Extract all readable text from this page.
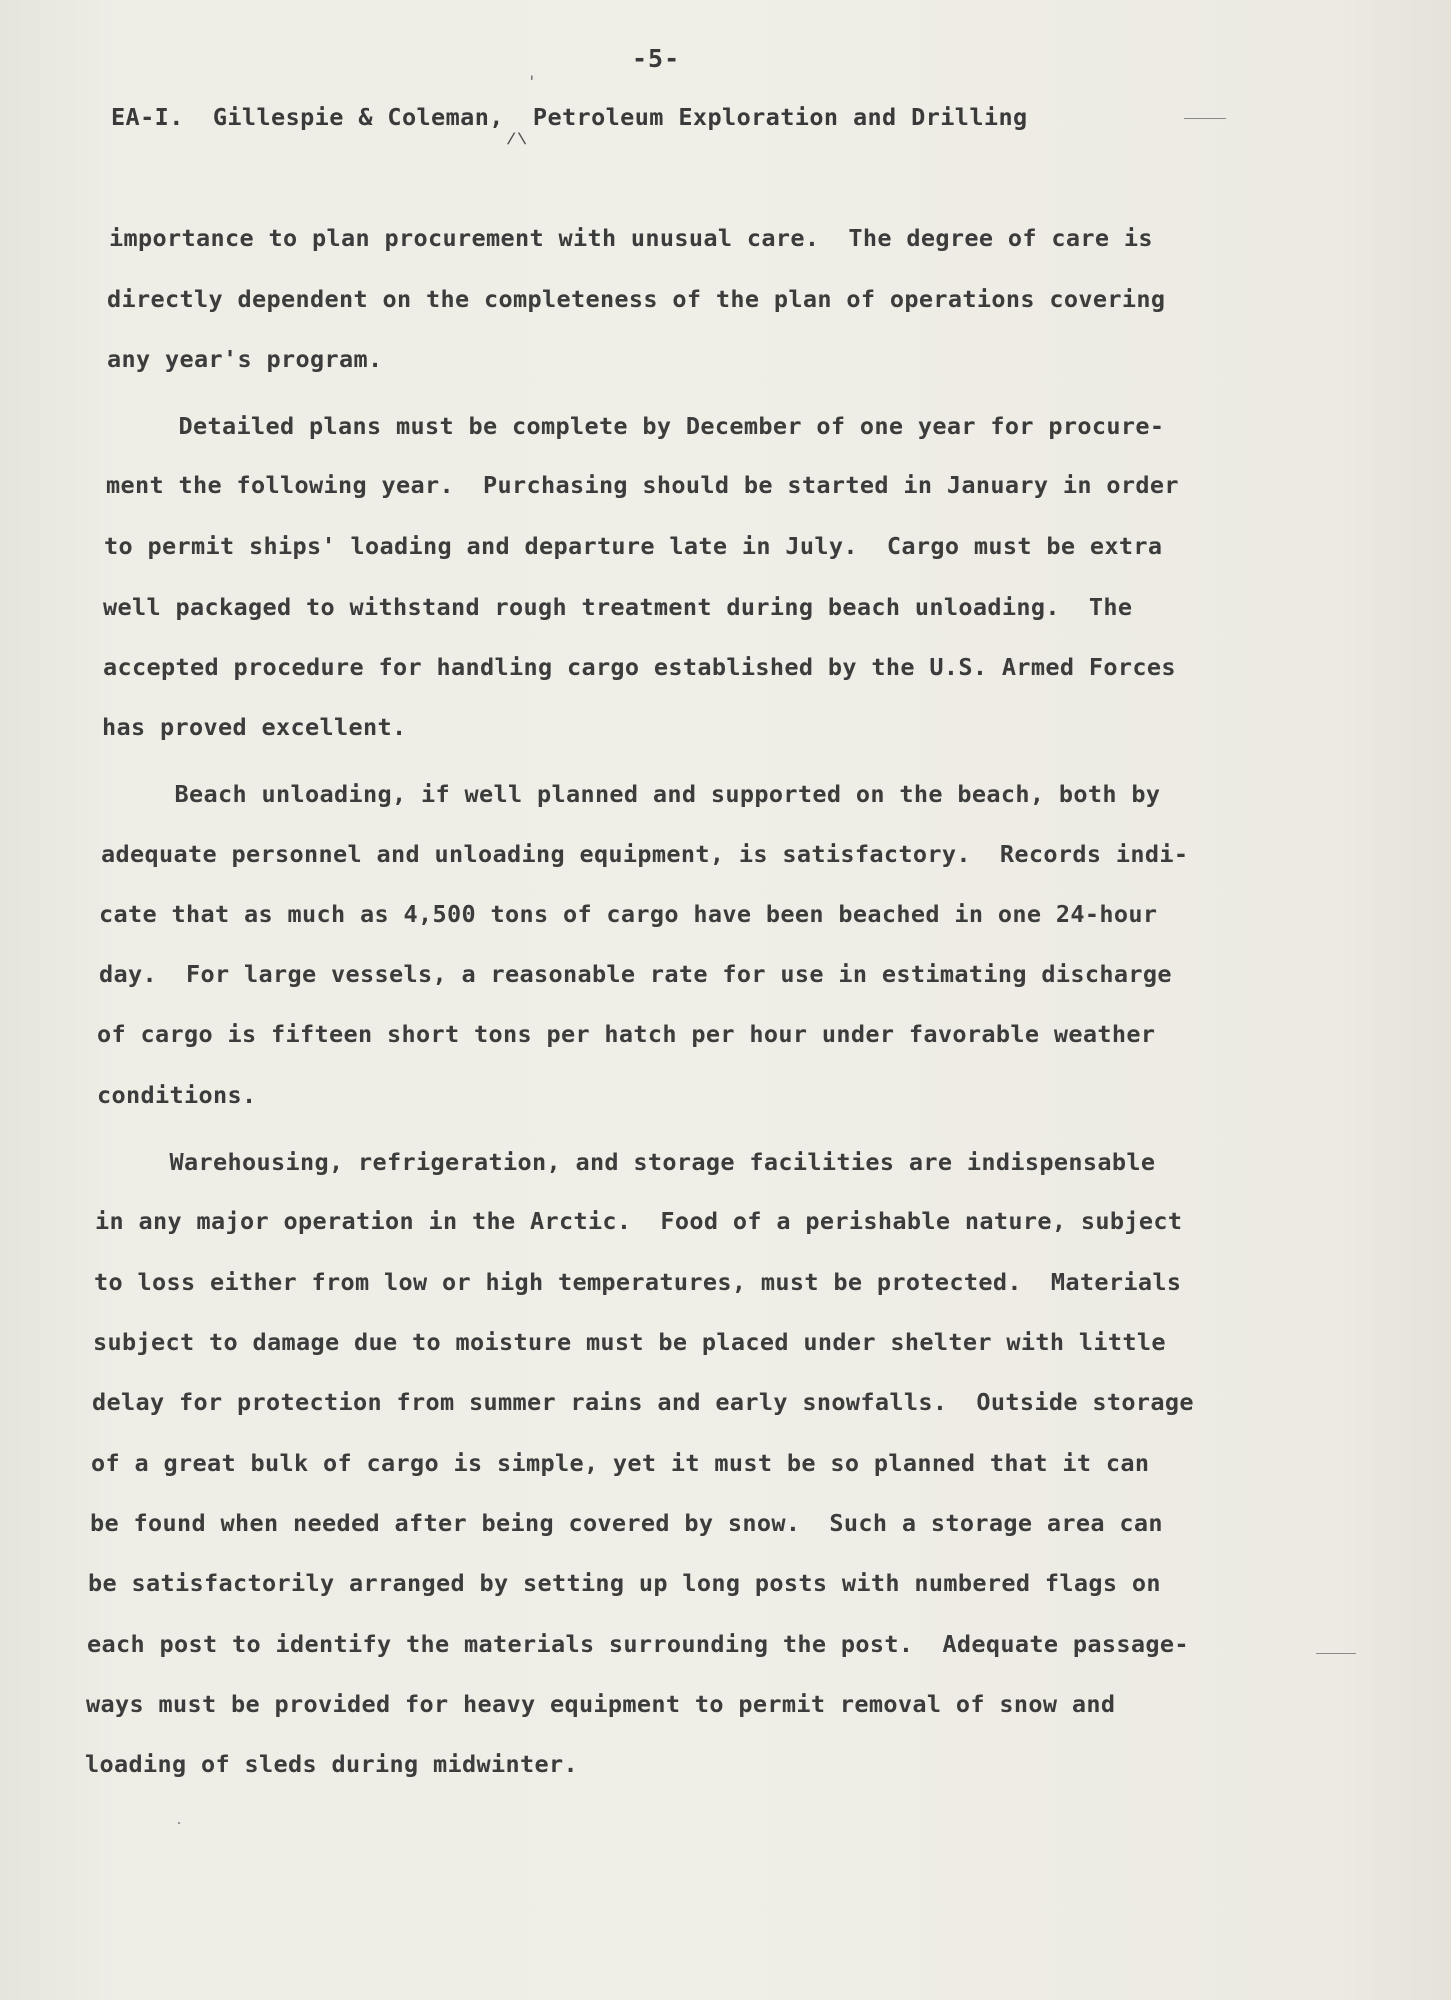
-5-
'
EA-I.  Gillespie & Coleman,  Petroleum Exploration and Drilling
/\
importance to plan procurement with unusual care.  The degree of care is
directly dependent on the completeness of the plan of operations covering
any year's program.
Detailed plans must be complete by December of one year for procure-
ment the following year.  Purchasing should be started in January in order
to permit ships' loading and departure late in July.  Cargo must be extra
well packaged to withstand rough treatment during beach unloading.  The
accepted procedure for handling cargo established by the U.S. Armed Forces
has proved excellent.
Beach unloading, if well planned and supported on the beach, both by
adequate personnel and unloading equipment, is satisfactory.  Records indi-
cate that as much as 4,500 tons of cargo have been beached in one 24-hour
day.  For large vessels, a reasonable rate for use in estimating discharge
of cargo is fifteen short tons per hatch per hour under favorable weather
conditions.
Warehousing, refrigeration, and storage facilities are indispensable
in any major operation in the Arctic.  Food of a perishable nature, subject
to loss either from low or high temperatures, must be protected.  Materials
subject to damage due to moisture must be placed under shelter with little
delay for protection from summer rains and early snowfalls.  Outside storage
of a great bulk of cargo is simple, yet it must be so planned that it can
be found when needed after being covered by snow.  Such a storage area can
be satisfactorily arranged by setting up long posts with numbered flags on
each post to identify the materials surrounding the post.  Adequate passage-
ways must be provided for heavy equipment to permit removal of snow and
loading of sleds during midwinter.
